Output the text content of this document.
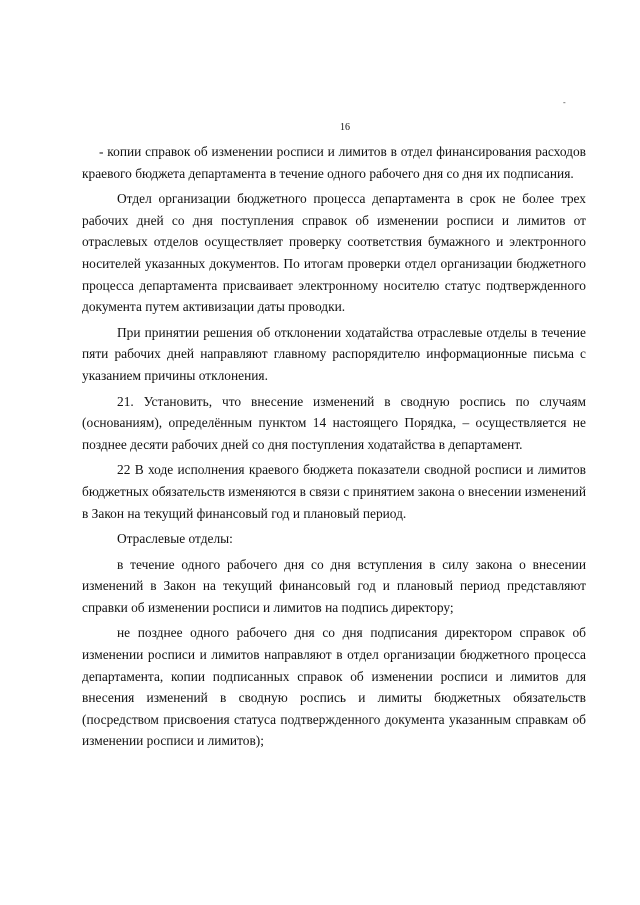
-
16

- копии справок об изменении росписи и лимитов в отдел финансирования расходов краевого бюджета департамента в течение одного рабочего дня со дня их подписания.

Отдел организации бюджетного процесса департамента в срок не более трех рабочих дней со дня поступления справок об изменении росписи и лимитов от отраслевых отделов осуществляет проверку соответствия бумажного и электронного носителей указанных документов. По итогам проверки отдел организации бюджетного процесса департамента присваивает электронному носителю статус подтвержденного документа путем активизации даты проводки.

При принятии решения об отклонении ходатайства отраслевые отделы в течение пяти рабочих дней направляют главному распорядителю информационные письма с указанием причины отклонения.

21. Установить, что внесение изменений в сводную роспись по случаям (основаниям), определённым пунктом 14 настоящего Порядка, – осуществляется не позднее десяти рабочих дней со дня поступления ходатайства в департамент.

22 В ходе исполнения краевого бюджета показатели сводной росписи и лимитов бюджетных обязательств изменяются в связи с принятием закона о внесении изменений в Закон на текущий финансовый год и плановый период.

Отраслевые отделы:

в течение одного рабочего дня со дня вступления в силу закона о внесении изменений в Закон на текущий финансовый год и плановый период представляют справки об изменении росписи и лимитов на подпись директору;

не позднее одного рабочего дня со дня подписания директором справок об изменении росписи и лимитов направляют в отдел организации бюджетного процесса департамента, копии подписанных справок об изменении росписи и лимитов для внесения изменений в сводную роспись и лимиты бюджетных обязательств (посредством присвоения статуса подтвержденного документа указанным справкам об изменении росписи и лимитов);
